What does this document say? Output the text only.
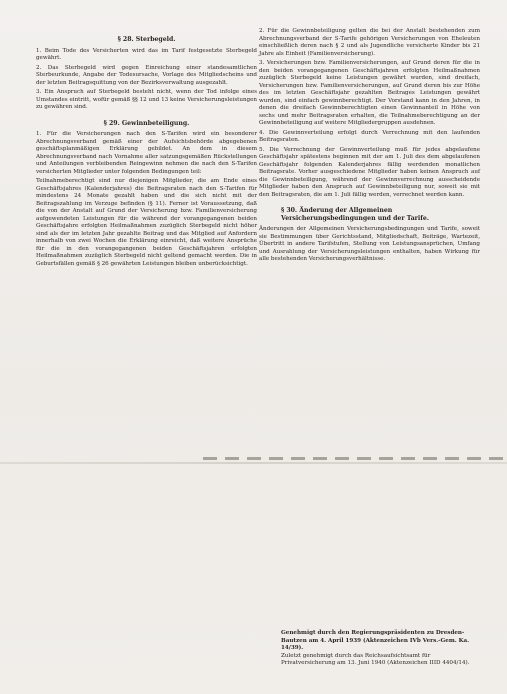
§ 28. Sterbegeld.

1. Beim Tode des Versicherten wird das im Tarif festgesetzte Sterbegeld gewährt.

2. Das Sterbegeld wird gegen Einreichung einer standesamtlichen Sterbeurkunde, Angabe der Todesursache, Vorlage des Mitgliedscheins und der letzten Beitragsquittung von der Bezirksverwaltung ausgezahlt.

3. Ein Anspruch auf Sterbegeld besteht nicht, wenn der Tod infolge eines Umstandes eintritt, wofür gemäß §§ 12 und 13 keine Versicherungsleistungen zu gewähren sind.

§ 29. Gewinnbeteiligung.

1. Für die Versicherungen nach den S-Tarifen wird ein besonderer Abrechnungsverband gemäß einer der Aufsichtsbehörde abgegebenen geschäftsplanmäßigen Erklärung gebildet. An dem in diesem Abrechnungsverband nach Vornahme aller satzungsgemäßen Rückstellungen und Anteilungen verbleibenden Reingewinn nehmen die nach den S-Tarifen versicherten Mitglieder unter folgenden Bedingungen teil:

Teilnahmeberechtigt sind nur diejenigen Mitglieder, die am Ende eines Geschäftsjahres (Kalenderjahres) die Beitragsraten nach den S-Tarifen für mindestens 24 Monate gezahlt haben und die sich nicht mit der Beitragszahlung im Verzuge befinden (§ 11). Ferner ist Voraussetzung, daß die von der Anstalt auf Grund der Versicherung bzw. Familienversicherung aufgewendeten Leistungen für die während der vorangegangenen beiden Geschäftsjahre erfolgten Heilmaßnahmen zuzüglich Sterbegeld nicht höher sind als der im letzten Jahr gezahlte Beitrag und das Mitglied auf Anfordern innerhalb von zwei Wochen die Erklärung einreicht, daß weitere Ansprüche für die in den vorangegangenen beiden Geschäftsjahren erfolgten Heilmaßnahmen zuzüglich Sterbegeld nicht geltend gemacht werden. Die in Geburtsfällen gemäß § 26 gewährten Leistungen bleiben unberücksichtigt.

2. Für die Gewinnbeteiligung gelten die bei der Anstalt bestehenden zum Abrechnungsverband der S-Tarife gehörigen Versicherungen von Eheleuten einschließlich deren nach § 2 und als Jugendliche versicherte Kinder bis 21 Jahre als Einheit (Familienversicherung).

3. Versicherungen bzw. Familienversicherungen, auf Grund deren für die in den beiden vorangegangenen Geschäftsjahren erfolgten Heilmaßnahmen zuzüglich Sterbegeld keine Leistungen gewährt wurden, sind dreifach, Versicherungen bzw. Familienversicherungen, auf Grund deren bis zur Höhe des im letzten Geschäftsjahr gezahlten Beitrages Leistungen gewährt wurden, sind einfach gewinnberechtigt. Der Vorstand kann in den Jahren, in denen die dreifach Gewinnberechtigten einen Gewinnanteil in Höhe von sechs und mehr Beitragsraten erhalten, die Teilnahmeberechtigung an der Gewinnbeteiligung auf weitere Mitgliedergruppen ausdehnen.

4. Die Gewinnverteilung erfolgt durch Verrechnung mit den laufenden Beitragsraten.

5. Die Verrechnung der Gewinnverteilung muß für jedes abgelaufene Geschäftsjahr spätestens beginnen mit der am 1. Juli des dem abgelaufenen Geschäftsjahr folgenden Kalenderjahres fällig werdenden monatlichen Beitragsrate. Vorher ausgeschiedene Mitglieder haben keinen Anspruch auf die Gewinnbeteiligung, während der Gewinnverrechnung ausscheidende Mitglieder haben den Anspruch auf Gewinnbeteiligung nur, soweit sie mit den Beitragsraten, die am 1. Juli fällig werden, verrechnet werden kann.

§ 30. Änderung der Allgemeinen Versicherungsbedingungen und der Tarife.

Änderungen der Allgemeinen Versicherungsbedingungen und Tarife, soweit sie Bestimmungen über Gerichtsstand, Mitgliedschaft, Beiträge, Wartezeit, Übertritt in andere Tarifstufen, Stellung von Leistungsansprüchen, Umfang und Ausrahlung der Versicherungsleistungen enthalten, haben Wirkung für alle bestehenden Versicherungsverhältnisse.

Genehmigt durch den Regierungspräsidenten zu Dresden-Bautzen am 4. April 1939 (Aktenzeichen IVb Vers.-Gem. Ka. 14/39).
Zuletzt genehmigt durch das Reichsaufsichtsamt für Privatversicherung am 13. Juni 1940 (Aktenzeichen IIID 4404/14).
